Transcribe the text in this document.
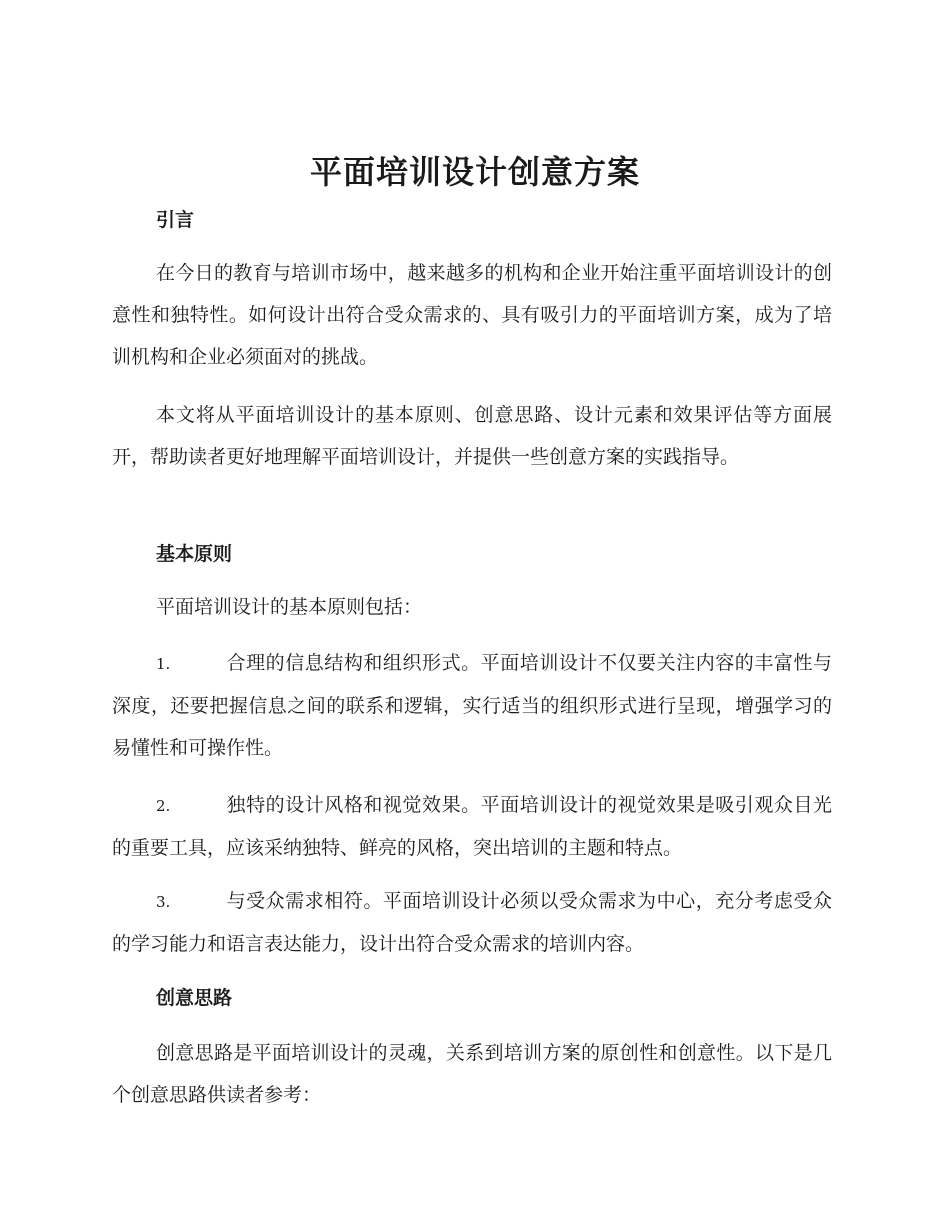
平面培训设计创意方案
引言

在今日的教育与培训市场中，越来越多的机构和企业开始注重平面培训设计的创意性和独特性。如何设计出符合受众需求的、具有吸引力的平面培训方案，成为了培训机构和企业必须面对的挑战。

本文将从平面培训设计的基本原则、创意思路、设计元素和效果评估等方面展开，帮助读者更好地理解平面培训设计，并提供一些创意方案的实践指导。

基本原则

平面培训设计的基本原则包括：

1.	合理的信息结构和组织形式。平面培训设计不仅要关注内容的丰富性与深度，还要把握信息之间的联系和逻辑，实行适当的组织形式进行呈现，增强学习的易懂性和可操作性。
2.	独特的设计风格和视觉效果。平面培训设计的视觉效果是吸引观众目光的重要工具，应该采纳独特、鲜亮的风格，突出培训的主题和特点。
3.	与受众需求相符。平面培训设计必须以受众需求为中心，充分考虑受众的学习能力和语言表达能力，设计出符合受众需求的培训内容。
创意思路

创意思路是平面培训设计的灵魂，关系到培训方案的原创性和创意性。以下是几个创意思路供读者参考：
